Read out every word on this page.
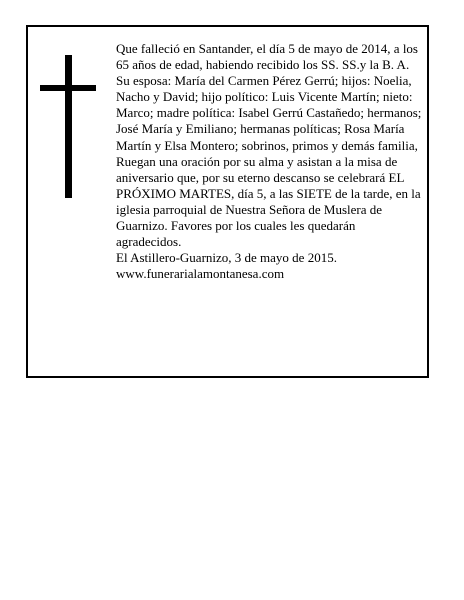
Que falleció en Santander, el día 5 de mayo de 2014, a los 65 años de edad, habiendo recibido los SS. SS.y la B. A.

Su esposa: María del Carmen Pérez Gerrú; hijos: Noelia, Nacho y David; hijo político: Luis Vicente Martín; nieto: Marco; madre política: Isabel Gerrú Castañedo; hermanos; José María y Emiliano; hermanas políticas; Rosa María Martín y Elsa Montero; sobrinos, primos y demás familia,

Ruegan una oración por su alma y asistan a la misa de aniversario que, por su eterno descanso se celebrará EL PRÓXIMO MARTES, día 5, a las SIETE de la tarde, en la iglesia parroquial de Nuestra Señora de Muslera de Guarnizo. Favores por los cuales les quedarán agradecidos.

El Astillero-Guarnizo, 3 de mayo de 2015.

www.funerarialamontanesa.com
